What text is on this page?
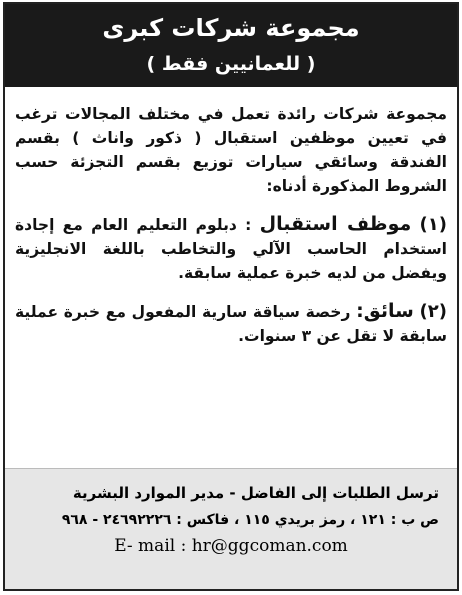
مجموعة شركات كبرى
( للعمانيين فقط )

مجموعة شركات رائدة تعمل في مختلف المجالات ترغب في تعيين موظفين استقبال ( ذكور واناث ) بقسم الفندقة وسائقي سيارات توزيع بقسم التجزئة حسب الشروط المذكورة أدناه:

(١) موظف استقبال : دبلوم التعليم العام مع إجادة استخدام الحاسب الآلي والتخاطب باللغة الانجليزية ويفضل من لديه خبرة عملية سابقة.

(٢) سائق: رخصة سياقة سارية المفعول مع خبرة عملية سابقة لا تقل عن ٣ سنوات.

ترسل الطلبات إلى الفاضل - مدير الموارد البشرية
ص ب : ١٢١ ، رمز بريدي ١١٥ ، فاكس : ٢٤٦٩٢٢٢٦ - ٩٦٨
E- mail : hr@ggcoman.com
